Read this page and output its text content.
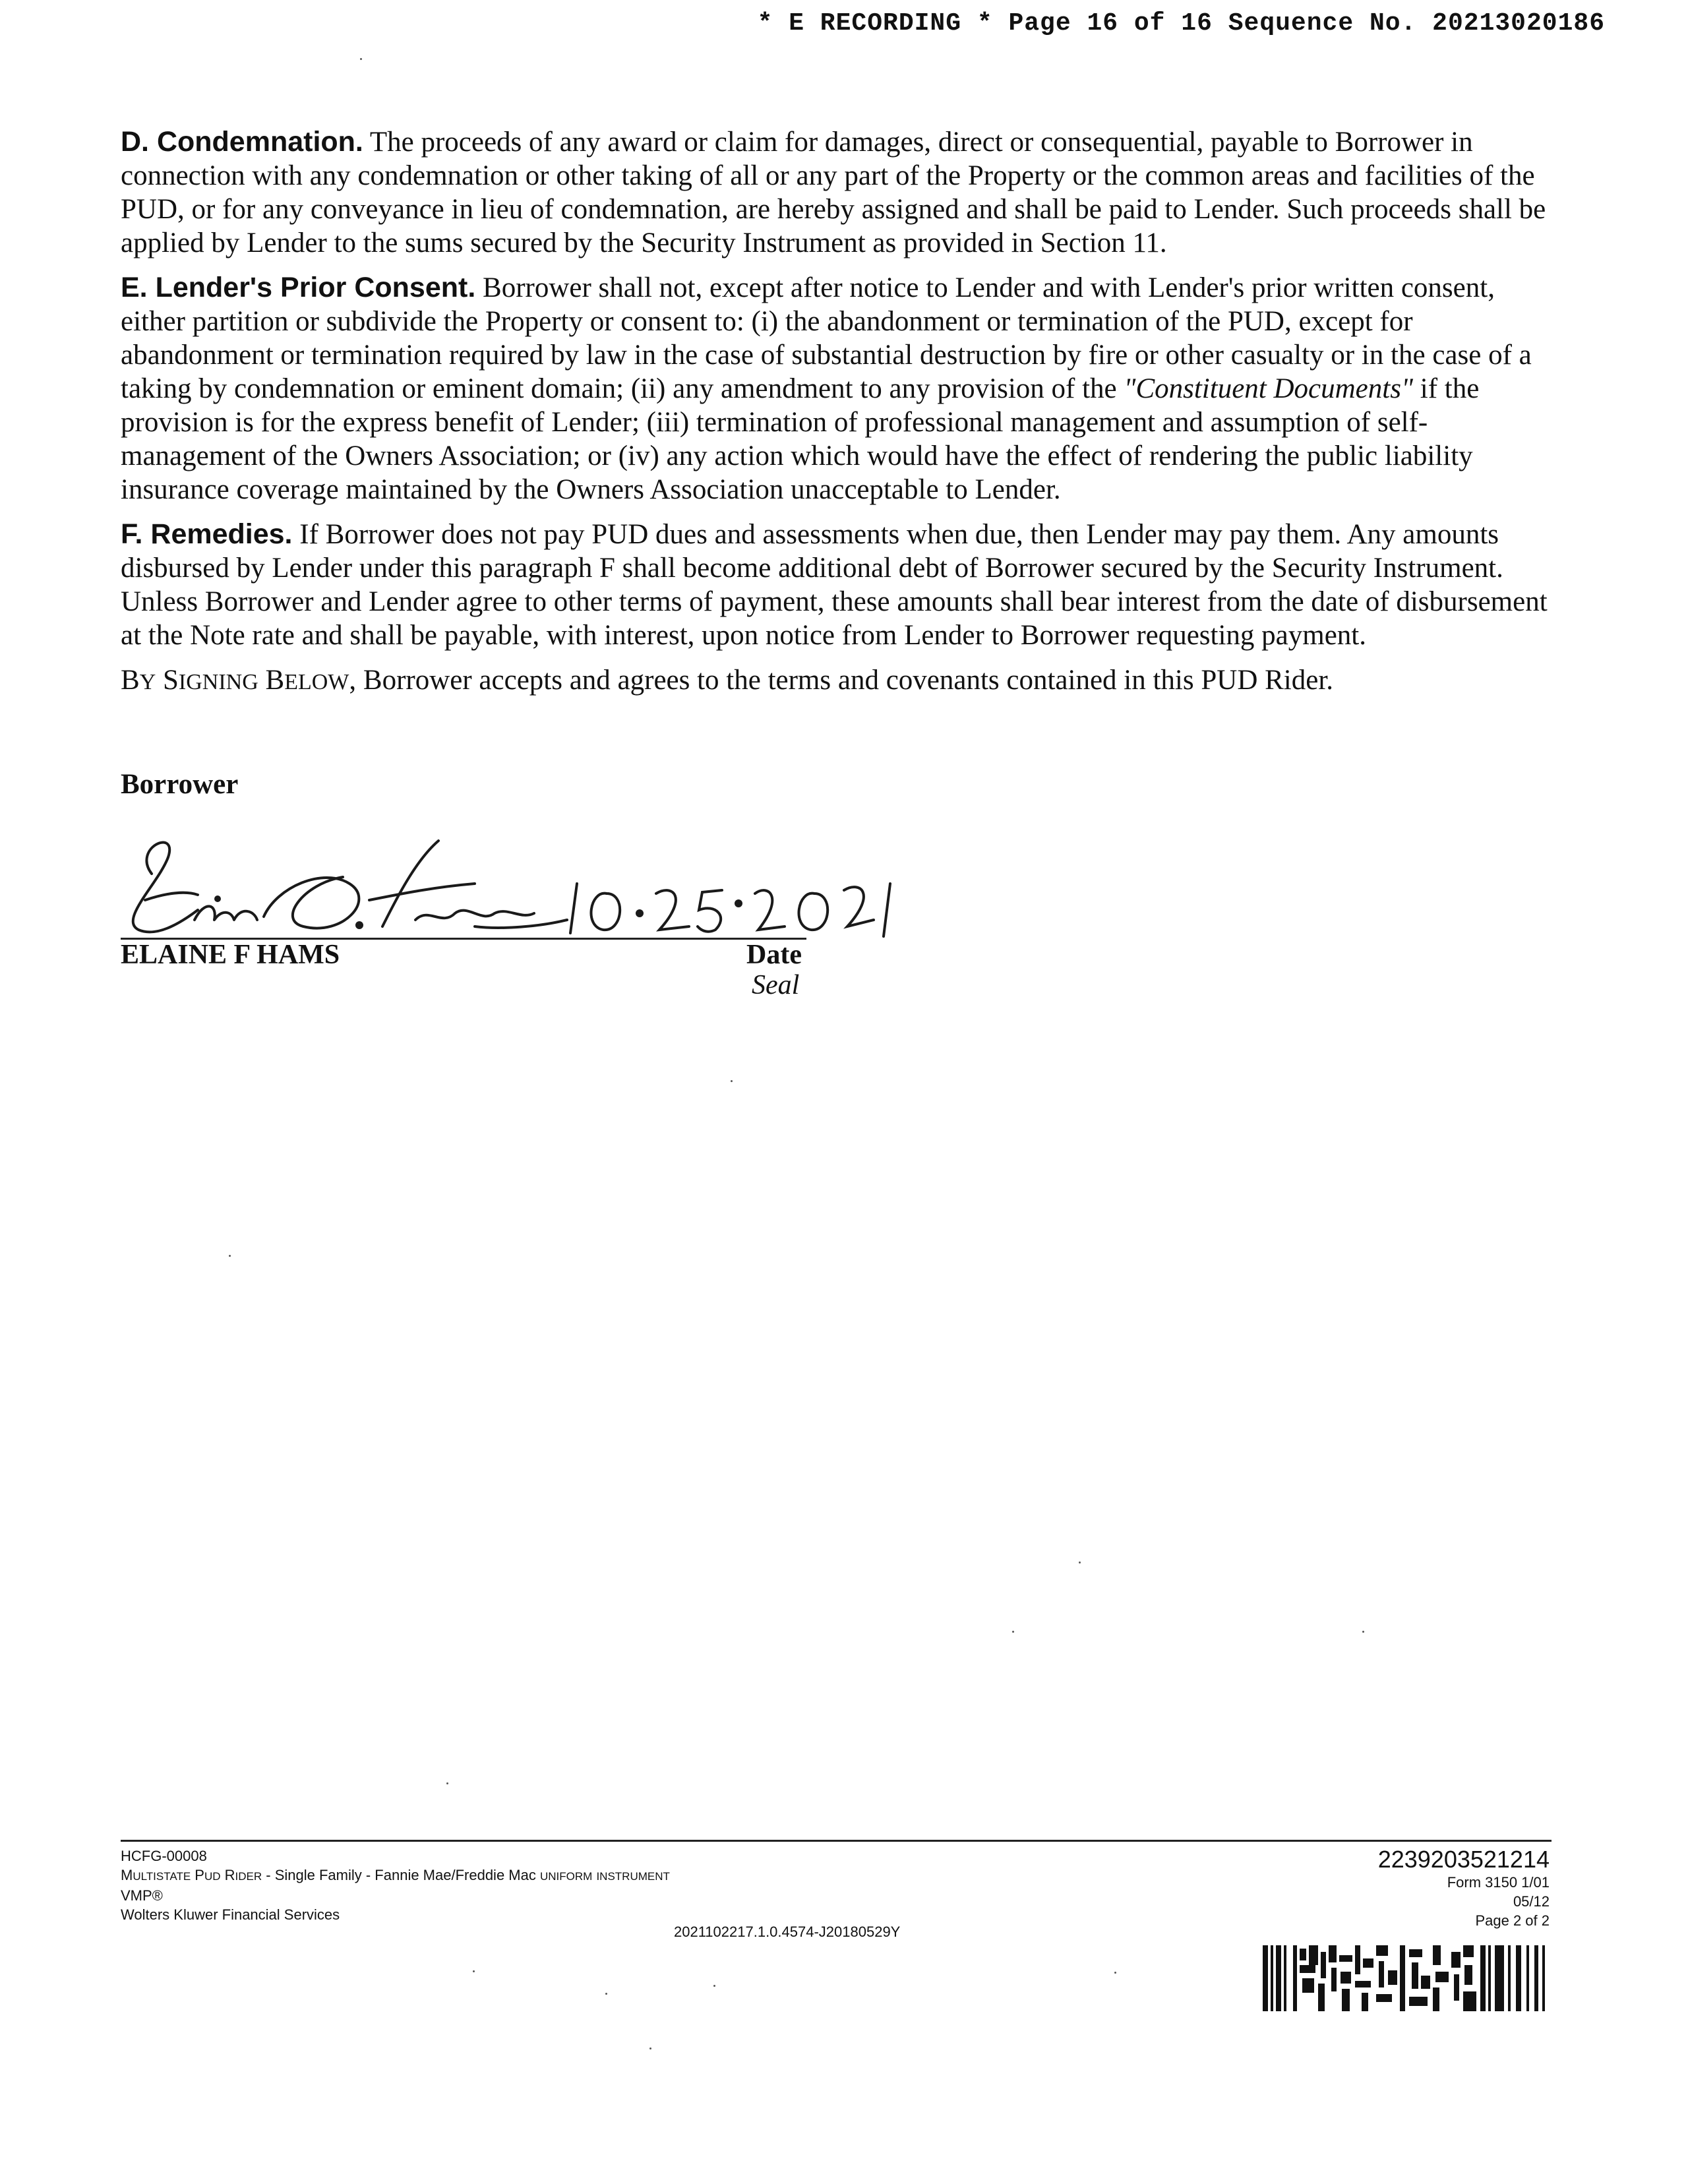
* E RECORDING * Page 16 of 16 Sequence No. 20213020186

D. Condemnation. The proceeds of any award or claim for damages, direct or consequential, payable to Borrower in connection with any condemnation or other taking of all or any part of the Property or the common areas and facilities of the PUD, or for any conveyance in lieu of condemnation, are hereby assigned and shall be paid to Lender. Such proceeds shall be applied by Lender to the sums secured by the Security Instrument as provided in Section 11.

E. Lender's Prior Consent. Borrower shall not, except after notice to Lender and with Lender's prior written consent, either partition or subdivide the Property or consent to: (i) the abandonment or termination of the PUD, except for abandonment or termination required by law in the case of substantial destruction by fire or other casualty or in the case of a taking by condemnation or eminent domain; (ii) any amendment to any provision of the "Constituent Documents" if the provision is for the express benefit of Lender; (iii) termination of professional management and assumption of self-management of the Owners Association; or (iv) any action which would have the effect of rendering the public liability insurance coverage maintained by the Owners Association unacceptable to Lender.

F. Remedies. If Borrower does not pay PUD dues and assessments when due, then Lender may pay them. Any amounts disbursed by Lender under this paragraph F shall become additional debt of Borrower secured by the Security Instrument. Unless Borrower and Lender agree to other terms of payment, these amounts shall bear interest from the date of disbursement at the Note rate and shall be payable, with interest, upon notice from Lender to Borrower requesting payment.

BY SIGNING BELOW, Borrower accepts and agrees to the terms and covenants contained in this PUD Rider.

Borrower
ELAINE F HAMS	Date
Seal
HCFG-00008
MULTISTATE PUD RIDER - Single Family - Fannie Mae/Freddie Mac UNIFORM INSTRUMENT
VMP®
Wolters Kluwer Financial Services
2021102217.1.0.4574-J20180529Y
2239203521214
Form 3150 1/01
05/12
Page 2 of 2
